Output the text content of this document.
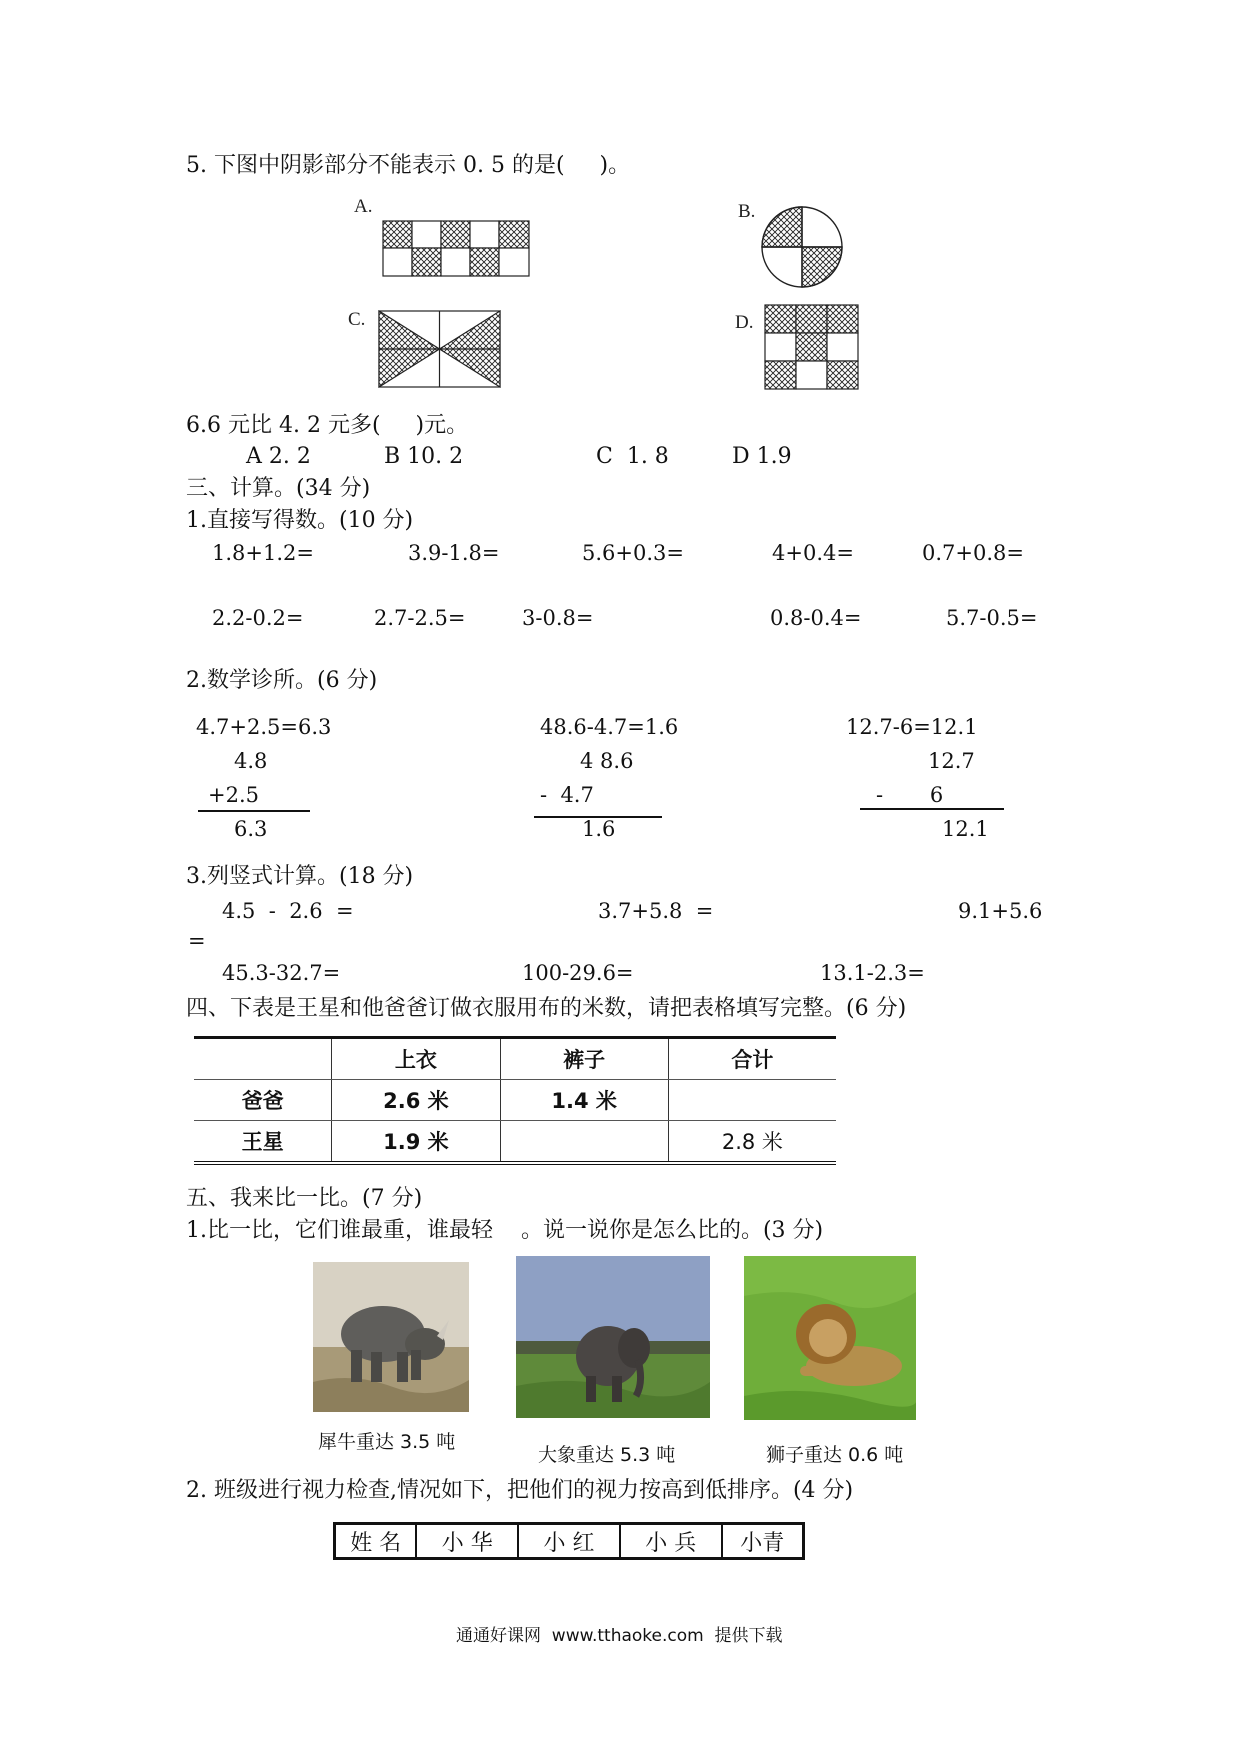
5. 下图中阴影部分不能表示 0. 5 的是(     )。
A.	B.
C.	D.
6.6 元比 4. 2 元多(     )元。
A 2. 2	B 10. 2	C  1. 8	D 1.9
三、计算。(34 分)
1.直接写得数。(10 分)
1.8+1.2=	3.9-1.8=	5.6+0.3=	4+0.4=	0.7+0.8=
2.2-0.2=	2.7-2.5=	3-0.8=	0.8-0.4=	5.7-0.5=
2.数学诊所。(6 分)
4.7+2.5=6.3
4.8
+2.5
6.3
48.6-4.7=1.6
4 8.6
-  4.7
1.6
12.7-6=12.1
12.7
-       6
12.1
3.列竖式计算。(18 分)
4.5  -  2.6  =	3.7+5.8  =	9.1+5.6
=
45.3-32.7=	100-29.6=	13.1-2.3=
四、下表是王星和他爸爸订做衣服用布的米数，请把表格填写完整。(6 分)
	上衣	裤子	合计
爸爸	2.6 米	1.4 米	
王星	1.9 米		2.8 米
五、我来比一比。(7 分)
1.比一比，它们谁最重，谁最轻    。说一说你是怎么比的。(3 分)
犀牛重达 3.5 吨
大象重达 5.3 吨	狮子重达 0.6 吨
2. 班级进行视力检查,情况如下，把他们的视力按高到低排序。(4 分)
姓 名	小 华	小 红	小 兵	小青
通通好课网  www.tthaoke.com  提供下载
